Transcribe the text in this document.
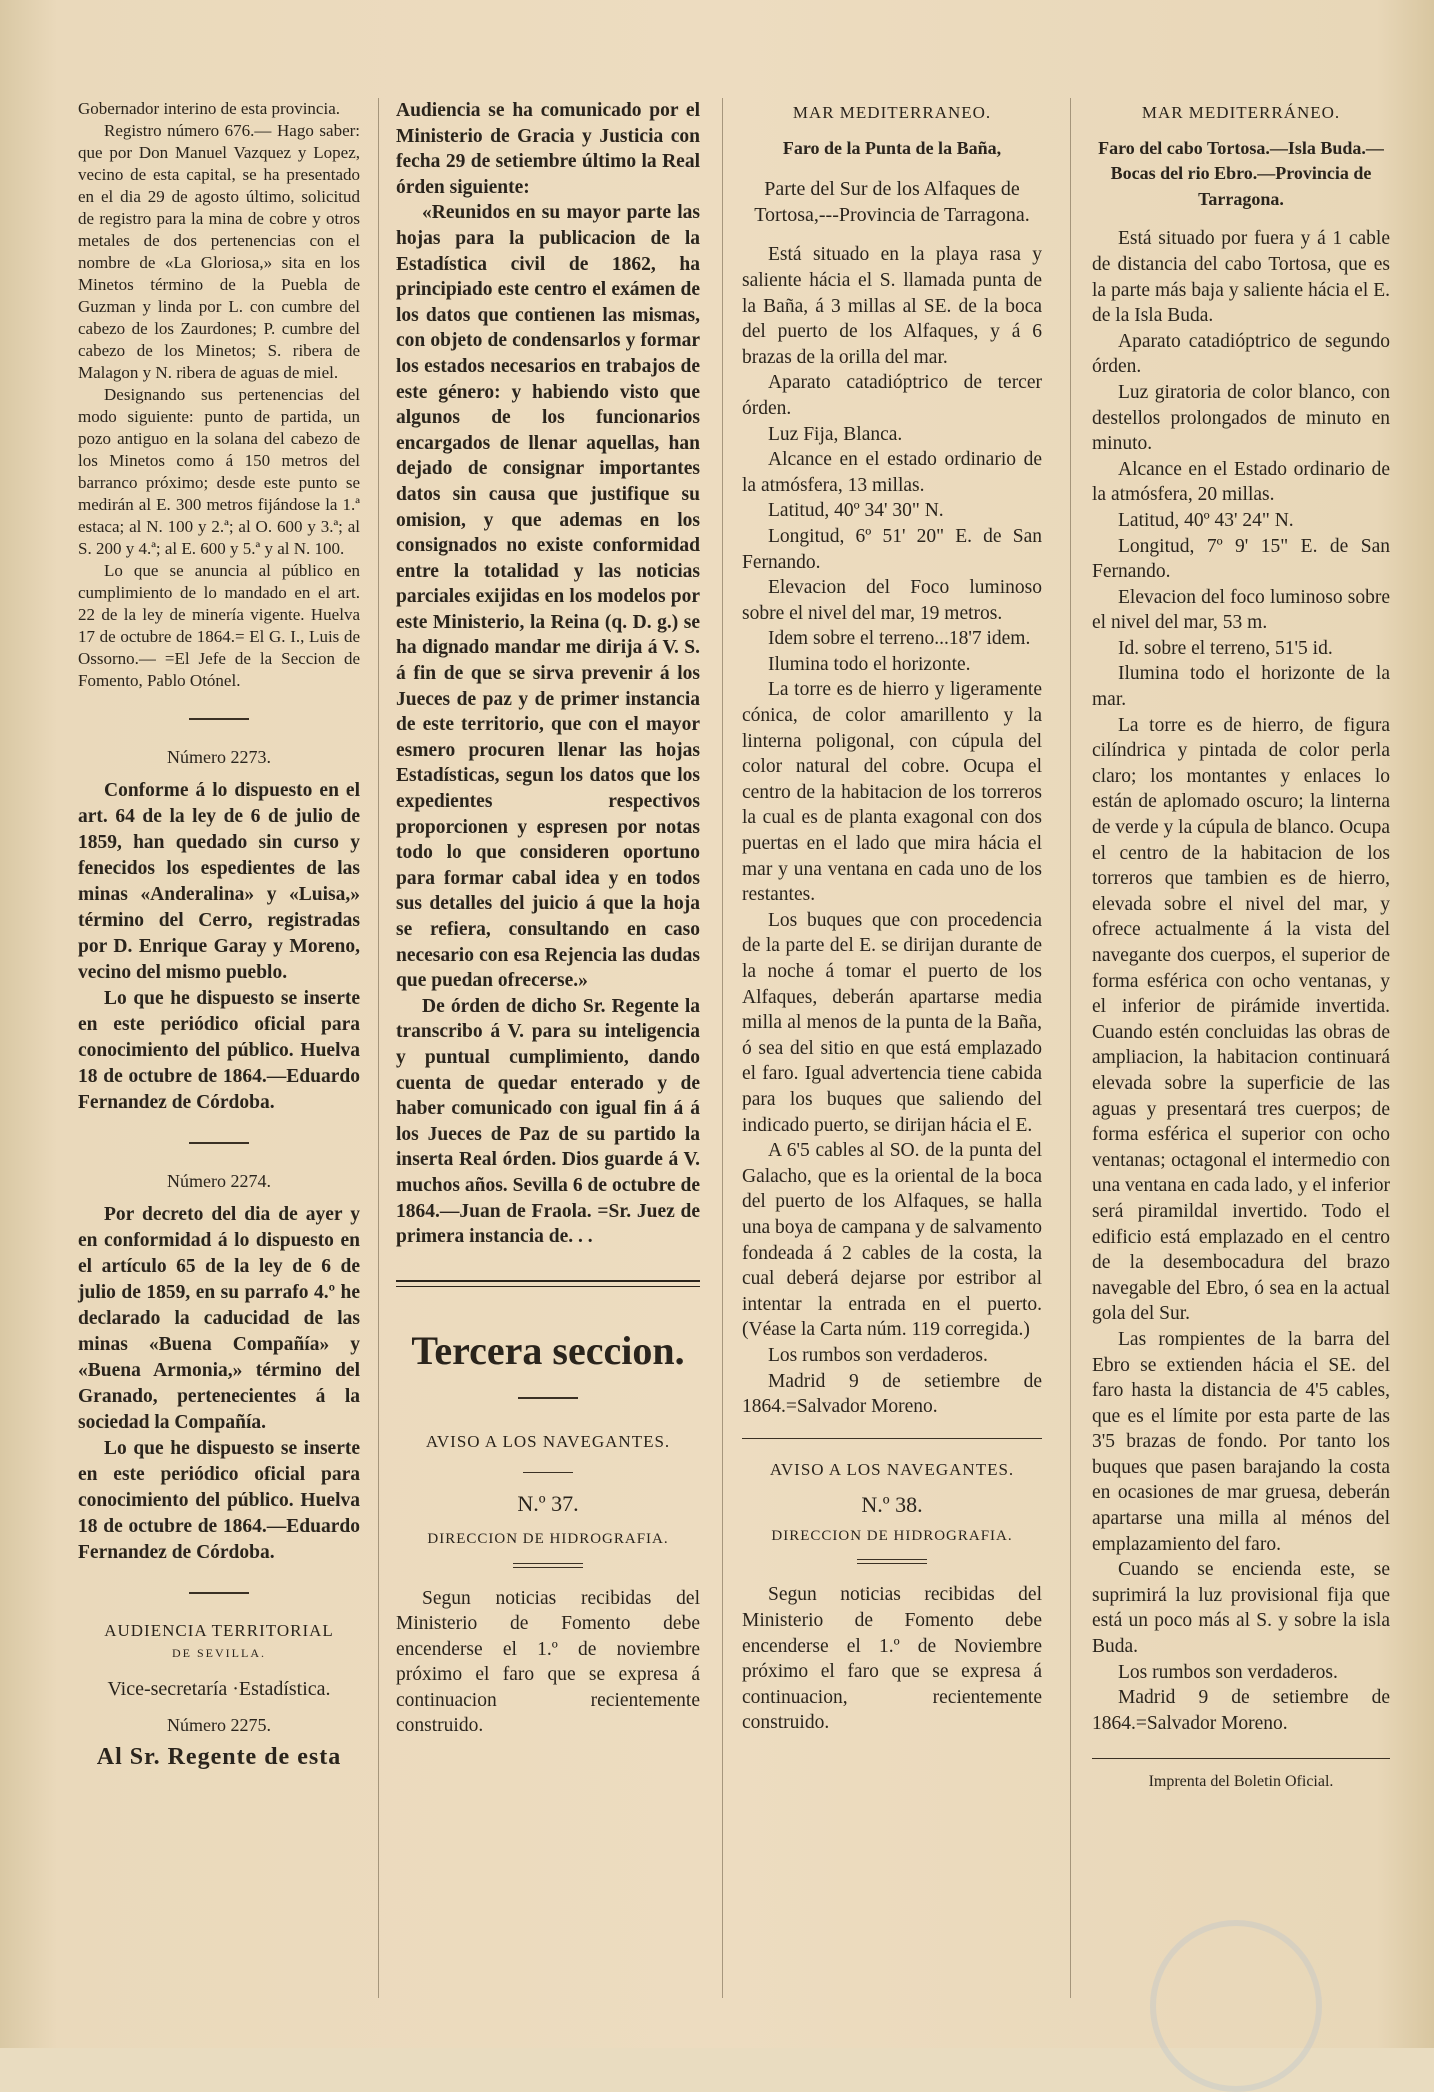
Gobernador interino de esta provincia.

Registro número 676.— Hago saber: que por Don Manuel Vazquez y Lopez, vecino de esta capital, se ha presentado en el dia 29 de agosto último, solicitud de registro para la mina de cobre y otros metales de dos pertenencias con el nombre de «La Gloriosa,» sita en los Minetos término de la Puebla de Guzman y linda por L. con cumbre del cabezo de los Zaurdones; P. cumbre del cabezo de los Minetos; S. ribera de Malagon y N. ribera de aguas de miel.

Designando sus pertenencias del modo siguiente: punto de partida, un pozo antiguo en la solana del cabezo de los Minetos como á 150 metros del barranco próximo; desde este punto se medirán al E. 300 metros fijándose la 1.ª estaca; al N. 100 y 2.ª; al O. 600 y 3.ª; al S. 200 y 4.ª; al E. 600 y 5.ª y al N. 100.

Lo que se anuncia al público en cumplimiento de lo mandado en el art. 22 de la ley de minería vigente. Huelva 17 de octubre de 1864.= El G. I., Luis de Ossorno.— =El Jefe de la Seccion de Fomento, Pablo Otónel.

Número 2273.

Conforme á lo dispuesto en el art. 64 de la ley de 6 de julio de 1859, han quedado sin curso y fenecidos los espedientes de las minas «Anderalina» y «Luisa,» término del Cerro, registradas por D. Enrique Garay y Moreno, vecino del mismo pueblo.

Lo que he dispuesto se inserte en este periódico oficial para conocimiento del público. Huelva 18 de octubre de 1864.—Eduardo Fernandez de Córdoba.

Número 2274.

Por decreto del dia de ayer y en conformidad á lo dispuesto en el artículo 65 de la ley de 6 de julio de 1859, en su parrafo 4.º he declarado la caducidad de las minas «Buena Compañía» y «Buena Armonia,» término del Granado, pertenecientes á la sociedad la Compañía.

Lo que he dispuesto se inserte en este periódico oficial para conocimiento del público. Huelva 18 de octubre de 1864.—Eduardo Fernandez de Córdoba.

AUDIENCIA TERRITORIAL

DE SEVILLA.

Vice-secretaría ·Estadística.

Número 2275.

Al Sr. Regente de esta

Audiencia se ha comunicado por el Ministerio de Gracia y Justicia con fecha 29 de setiembre último la Real órden siguiente:

«Reunidos en su mayor parte las hojas para la publicacion de la Estadística civil de 1862, ha principiado este centro el exámen de los datos que contienen las mismas, con objeto de condensarlos y formar los estados necesarios en trabajos de este género: y habiendo visto que algunos de los funcionarios encargados de llenar aquellas, han dejado de consignar importantes datos sin causa que justifique su omision, y que ademas en los consignados no existe conformidad entre la totalidad y las noticias parciales exijidas en los modelos por este Ministerio, la Reina (q. D. g.) se ha dignado mandar me dirija á V. S. á fin de que se sirva prevenir á los Jueces de paz y de primer instancia de este territorio, que con el mayor esmero procuren llenar las hojas Estadísticas, segun los datos que los expedientes respectivos proporcionen y espresen por notas todo lo que consideren oportuno para formar cabal idea y en todos sus detalles del juicio á que la hoja se refiera, consultando en caso necesario con esa Rejencia las dudas que puedan ofrecerse.»

De órden de dicho Sr. Regente la transcribo á V. para su inteligencia y puntual cumplimiento, dando cuenta de quedar enterado y de haber comunicado con igual fin á á los Jueces de Paz de su partido la inserta Real órden. Dios guarde á V. muchos años. Sevilla 6 de octubre de 1864.—Juan de Fraola. =Sr. Juez de primera instancia de. . .

Tercera seccion.

AVISO A LOS NAVEGANTES.

N.º 37.

DIRECCION DE HIDROGRAFIA.

Segun noticias recibidas del Ministerio de Fomento debe encenderse el 1.º de noviembre próximo el faro que se expresa á continuacion recientemente construido.

MAR MEDITERRANEO.

Faro de la Punta de la Baña,

Parte del Sur de los Alfaques de Tortosa,---Provincia de Tarragona.

Está situado en la playa rasa y saliente hácia el S. llamada punta de la Baña, á 3 millas al SE. de la boca del puerto de los Alfaques, y á 6 brazas de la orilla del mar.

Aparato catadióptrico de tercer órden.

Luz Fija, Blanca.

Alcance en el estado ordinario de la atmósfera, 13 millas.

Latitud, 40º 34' 30" N.

Longitud, 6º 51' 20" E. de San Fernando.

Elevacion del Foco luminoso sobre el nivel del mar, 19 metros.

Idem sobre el terreno...18'7 idem.

Ilumina todo el horizonte.

La torre es de hierro y ligeramente cónica, de color amarillento y la linterna poligonal, con cúpula del color natural del cobre. Ocupa el centro de la habitacion de los torreros la cual es de planta exagonal con dos puertas en el lado que mira hácia el mar y una ventana en cada uno de los restantes.

Los buques que con procedencia de la parte del E. se dirijan durante de la noche á tomar el puerto de los Alfaques, deberán apartarse media milla al menos de la punta de la Baña, ó sea del sitio en que está emplazado el faro. Igual advertencia tiene cabida para los buques que saliendo del indicado puerto, se dirijan hácia el E.

A 6'5 cables al SO. de la punta del Galacho, que es la oriental de la boca del puerto de los Alfaques, se halla una boya de campana y de salvamento fondeada á 2 cables de la costa, la cual deberá dejarse por estribor al intentar la entrada en el puerto. (Véase la Carta núm. 119 corregida.)

Los rumbos son verdaderos.

Madrid 9 de setiembre de 1864.=Salvador Moreno.

AVISO A LOS NAVEGANTES.

N.º 38.

DIRECCION DE HIDROGRAFIA.

Segun noticias recibidas del Ministerio de Fomento debe encenderse el 1.º de Noviembre próximo el faro que se expresa á continuacion, recientemente construido.

MAR MEDITERRÁNEO.

Faro del cabo Tortosa.—Isla Buda.—Bocas del rio Ebro.—Provincia de Tarragona.

Está situado por fuera y á 1 cable de distancia del cabo Tortosa, que es la parte más baja y saliente hácia el E. de la Isla Buda.

Aparato catadióptrico de segundo órden.

Luz giratoria de color blanco, con destellos prolongados de minuto en minuto.

Alcance en el Estado ordinario de la atmósfera, 20 millas.

Latitud, 40º 43' 24" N.

Longitud, 7º 9' 15" E. de San Fernando.

Elevacion del foco luminoso sobre el nivel del mar, 53 m.

Id. sobre el terreno, 51'5 id.

Ilumina todo el horizonte de la mar.

La torre es de hierro, de figura cilíndrica y pintada de color perla claro; los montantes y enlaces lo están de aplomado oscuro; la linterna de verde y la cúpula de blanco. Ocupa el centro de la habitacion de los torreros que tambien es de hierro, elevada sobre el nivel del mar, y ofrece actualmente á la vista del navegante dos cuerpos, el superior de forma esférica con ocho ventanas, y el inferior de pirámide invertida. Cuando estén concluidas las obras de ampliacion, la habitacion continuará elevada sobre la superficie de las aguas y presentará tres cuerpos; de forma esférica el superior con ocho ventanas; octagonal el intermedio con una ventana en cada lado, y el inferior será piramildal invertido. Todo el edificio está emplazado en el centro de la desembocadura del brazo navegable del Ebro, ó sea en la actual gola del Sur.

Las rompientes de la barra del Ebro se extienden hácia el SE. del faro hasta la distancia de 4'5 cables, que es el límite por esta parte de las 3'5 brazas de fondo. Por tanto los buques que pasen barajando la costa en ocasiones de mar gruesa, deberán apartarse una milla al ménos del emplazamiento del faro.

Cuando se encienda este, se suprimirá la luz provisional fija que está un poco más al S. y sobre la isla Buda.

Los rumbos son verdaderos.

Madrid 9 de setiembre de 1864.=Salvador Moreno.

Imprenta del Boletin Oficial.
